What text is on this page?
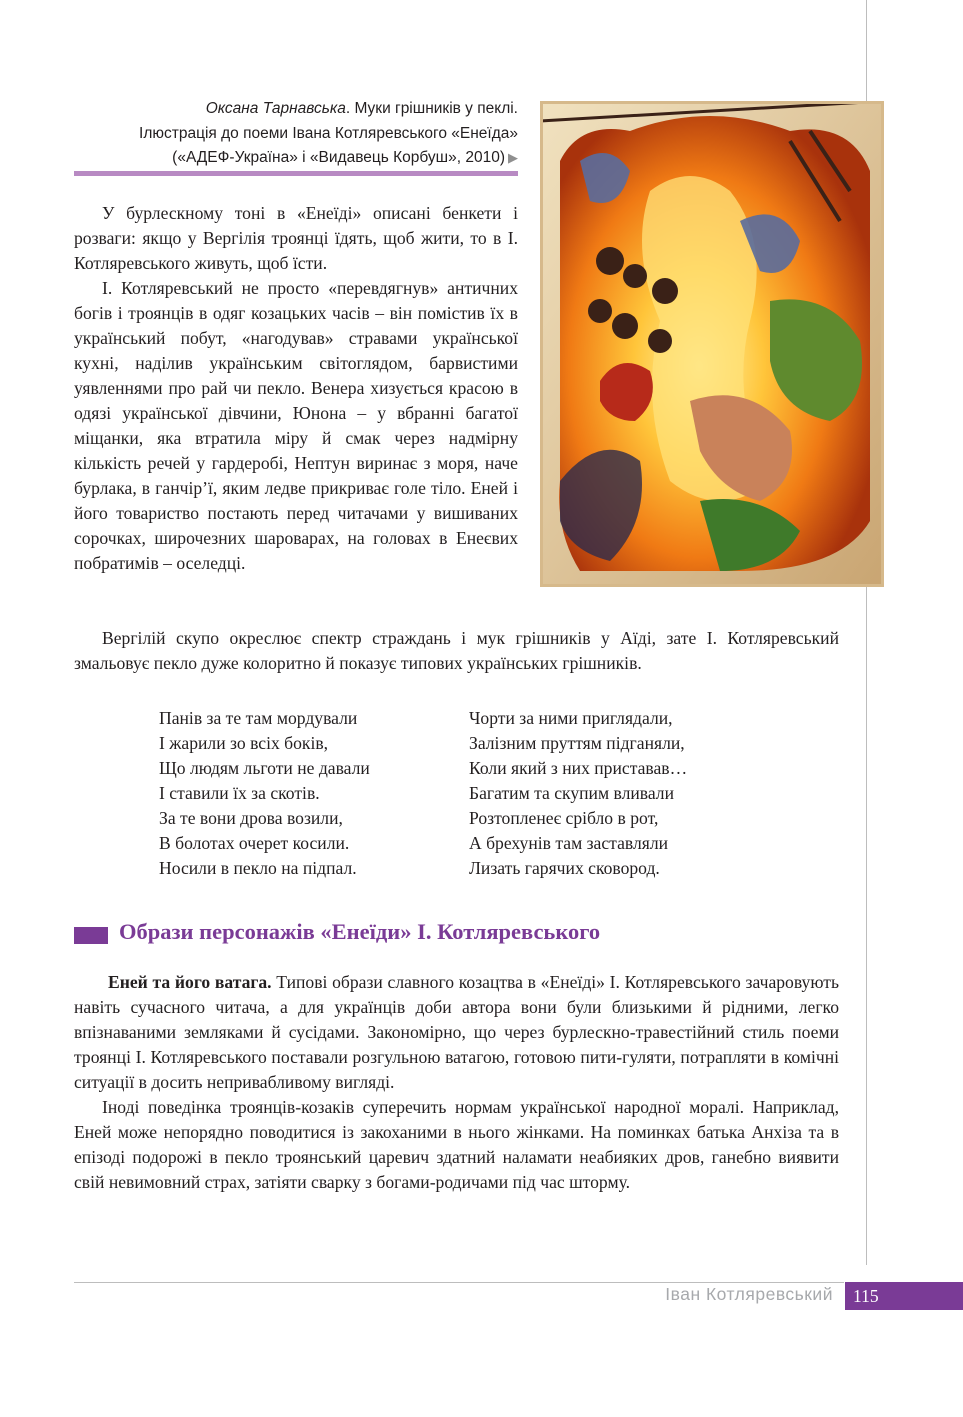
Оксана Тарнавська. Муки грішників у пеклі.
Ілюстрація до поеми Івана Котляревського «Енеїда»
(«АДЕФ-Україна» і «Видавець Корбуш», 2010) ▶

У бурлескному тоні в «Енеїді» описані бенкети і розваги: якщо у Вергілія троянці їдять, щоб жити, то в І. Котляревського живуть, щоб їсти.

І. Котляревський не просто «перевдягнув» античних богів і троянців в одяг козацьких часів – він помістив їх в український побут, «нагодував» стравами української кухні, наділив українським світоглядом, барвистими уявленнями про рай чи пекло. Венера хизується красою в одязі української дівчини, Юнона – у вбранні багатої міщанки, яка втратила міру й смак через надмірну кількість речей у гардеробі, Нептун виринає з моря, наче бурлака, в ганчір’ї, яким ледве прикриває голе тіло. Еней і його товариство постають перед читачами у вишиваних сорочках, широчезних шароварах, на головах в Енеєвих побратимів – оселедці.

Вергілій скупо окреслює спектр страждань і мук грішників у Аїді, зате І. Котляревський змальовує пекло дуже колоритно й показує типових українських грішників.

Панів за те там мордували
І жарили зо всіх боків,
Що людям льготи не давали
І ставили їх за скотів.
За те вони дрова возили,
В болотах очерет косили.
Носили в пекло на підпал.
Чорти за ними приглядали,
Залізним пруттям підганяли,
Коли який з них приставав…
Багатим та скупим вливали
Розтопленеє срібло в рот,
А брехунів там заставляли
Лизать гарячих сковород.
Образи персонажів «Енеїди» І. Котляревського

Еней та його ватага. Типові образи славного козацтва в «Енеїді» І. Котляревського зачаровують навіть сучасного читача, а для українців доби автора вони були близькими й рідними, легко впізнаваними земляками й сусідами. Закономірно, що через бурлескно-травестійний стиль поеми троянці І. Котляревського поставали розгульною ватагою, готовою пити-гуляти, потрапляти в комічні ситуації в досить непривабливому вигляді.

Іноді поведінка троянців-козаків суперечить нормам української народної моралі. Наприклад, Еней може непорядно поводитися із закоханими в нього жінками. На поминках батька Анхіза та в епізоді подорожі в пекло троянський царевич здатний наламати неабияких дров, ганебно виявити свій невимовний страх, затіяти сварку з богами-родичами під час шторму.

Іван Котляревський	115
